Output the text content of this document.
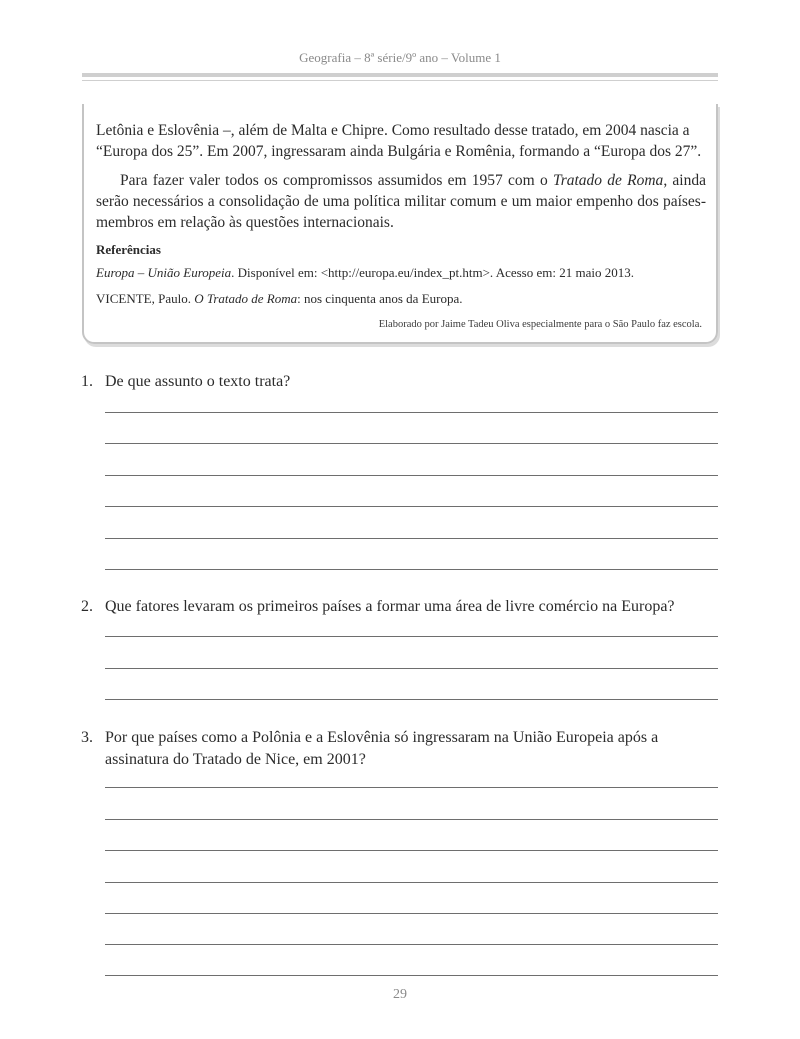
Geografia – 8ª série/9º ano – Volume 1
Letônia e Eslovênia –, além de Malta e Chipre. Como resultado desse tratado, em 2004 nascia a
“Europa dos 25”. Em 2007, ingressaram ainda Bulgária e Romênia, formando a “Europa dos 27”.
Para fazer valer todos os compromissos assumidos em 1957 com o Tratado de Roma, ainda serão necessários a consolidação de uma política militar comum e um maior empenho dos países-membros em relação às questões internacionais.
Referências
Europa – União Europeia. Disponível em: <http://europa.eu/index_pt.htm>. Acesso em: 21 maio 2013.
VICENTE, Paulo. O Tratado de Roma: nos cinquenta anos da Europa.
Elaborado por Jaime Tadeu Oliva especialmente para o São Paulo faz escola.
1. De que assunto o texto trata?
2. Que fatores levaram os primeiros países a formar uma área de livre comércio na Europa?
3. Por que países como a Polônia e a Eslovênia só ingressaram na União Europeia após a assinatura do Tratado de Nice, em 2001?
29
